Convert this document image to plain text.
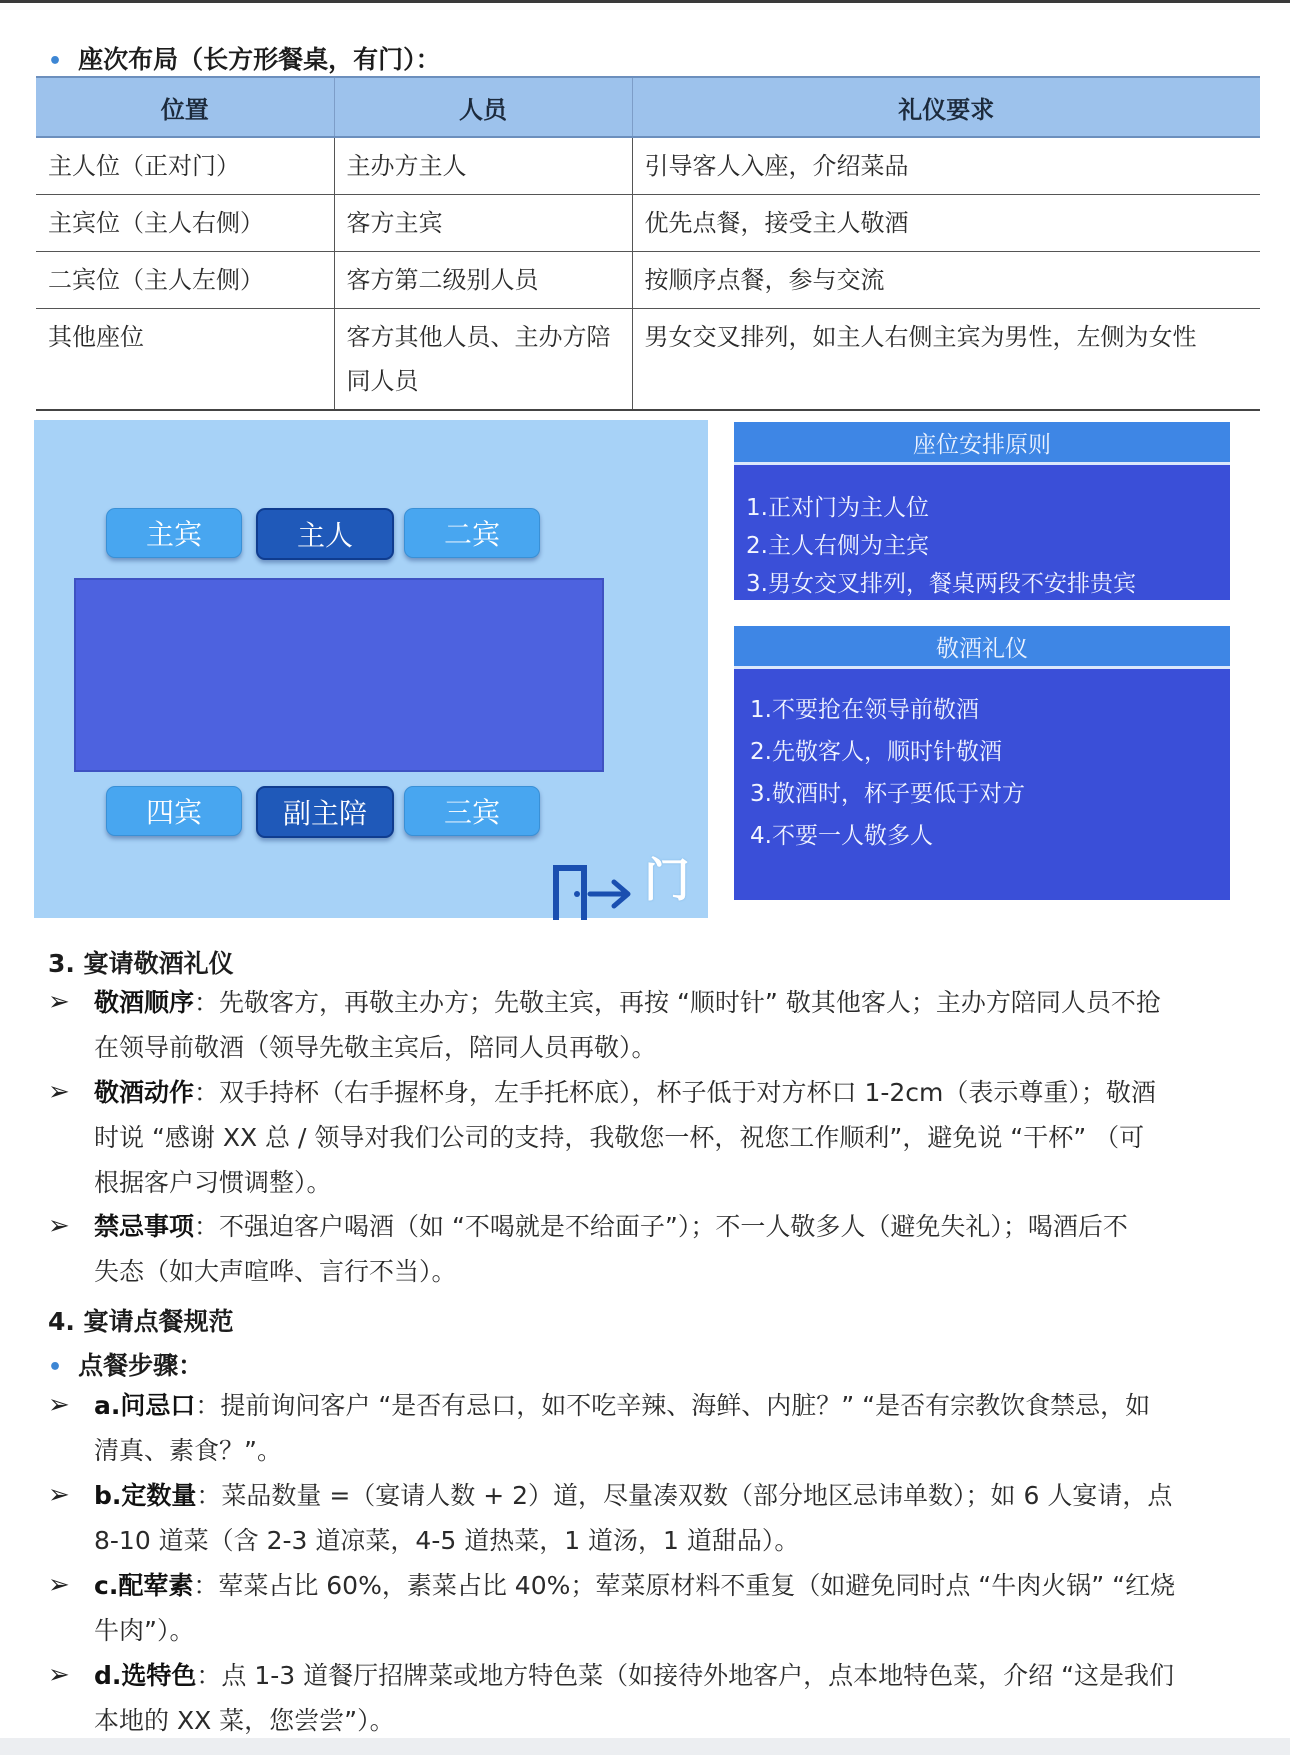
• 座次布局（长方形餐桌，有门）：
位置	人员	礼仪要求
主人位（正对门）	主办方主人	引导客人入座，介绍菜品
主宾位（主人右侧）	客方主宾	优先点餐，接受主人敬酒
二宾位（主人左侧）	客方第二级别人员	按顺序点餐，参与交流
其他座位	客方其他人员、主办方陪同人员	男女交叉排列，如主人右侧主宾为男性，左侧为女性
主宾	主人	二宾
四宾	副主陪	三宾
门
座位安排原则
1.正对门为主人位
2.主人右侧为主宾
3.男女交叉排列，餐桌两段不安排贵宾
敬酒礼仪
1.不要抢在领导前敬酒
2.先敬客人，顺时针敬酒
3.敬酒时，杯子要低于对方
4.不要一人敬多人
3. 宴请敬酒礼仪
➢ 敬酒顺序：先敬客方，再敬主办方；先敬主宾，再按 “顺时针” 敬其他客人；主办方陪同人员不抢
在领导前敬酒（领导先敬主宾后，陪同人员再敬）。
➢ 敬酒动作：双手持杯（右手握杯身，左手托杯底），杯子低于对方杯口 1-2cm（表示尊重）；敬酒
时说 “感谢 XX 总 / 领导对我们公司的支持，我敬您一杯，祝您工作顺利”，避免说 “干杯” （可
根据客户习惯调整）。
➢ 禁忌事项：不强迫客户喝酒（如 “不喝就是不给面子”）；不一人敬多人（避免失礼）；喝酒后不
失态（如大声喧哗、言行不当）。
4. 宴请点餐规范
• 点餐步骤：
➢ a.问忌口：提前询问客户 “是否有忌口，如不吃辛辣、海鲜、内脏？” “是否有宗教饮食禁忌，如
清真、素食？”。
➢ b.定数量：菜品数量 =（宴请人数 + 2）道，尽量凑双数（部分地区忌讳单数）；如 6 人宴请，点
8-10 道菜（含 2-3 道凉菜，4-5 道热菜，1 道汤，1 道甜品）。
➢ c.配荤素：荤菜占比 60%，素菜占比 40%；荤菜原材料不重复（如避免同时点 “牛肉火锅” “红烧
牛肉”）。
➢ d.选特色：点 1-3 道餐厅招牌菜或地方特色菜（如接待外地客户，点本地特色菜，介绍 “这是我们
本地的 XX 菜，您尝尝”）。
